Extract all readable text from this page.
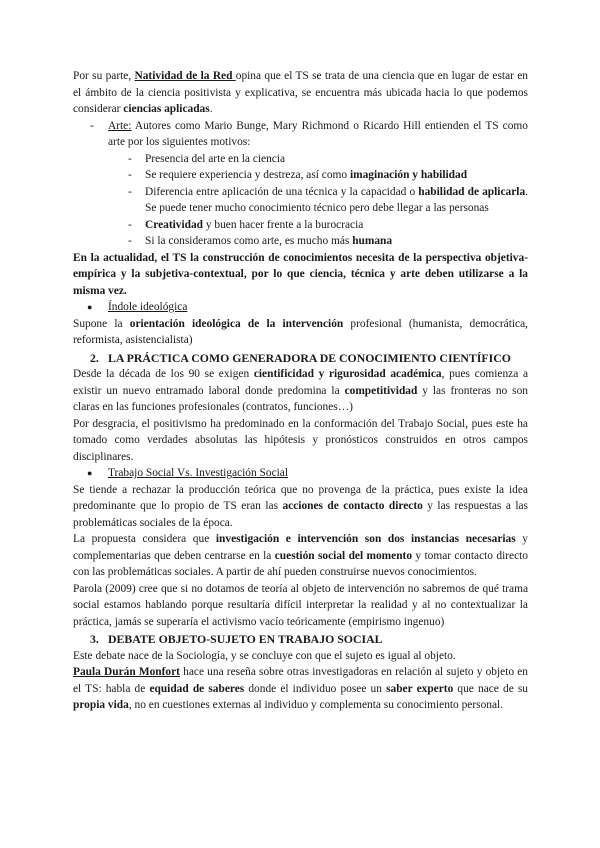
Por su parte, Natividad de la Red opina que el TS se trata de una ciencia que en lugar de estar en el ámbito de la ciencia positivista y explicativa, se encuentra más ubicada hacia lo que podemos considerar ciencias aplicadas.

- Arte: Autores como Mario Bunge, Mary Richmond o Ricardo Hill entienden el TS como arte por los siguientes motivos:
- Presencia del arte en la ciencia
- Se requiere experiencia y destreza, así como imaginación y habilidad
- Diferencia entre aplicación de una técnica y la capacidad o habilidad de aplicarla. Se puede tener mucho conocimiento técnico pero debe llegar a las personas
- Creatividad y buen hacer frente a la burocracia
- Si la consideramos como arte, es mucho más humana

En la actualidad, el TS la construcción de conocimientos necesita de la perspectiva objetiva- empírica y la subjetiva-contextual, por lo que ciencia, técnica y arte deben utilizarse a la misma vez.

● Índole ideológica

Supone la orientación ideológica de la intervención profesional (humanista, democrática, reformista, asistencialista)

2. LA PRÁCTICA COMO GENERADORA DE CONOCIMIENTO CIENTÍFICO

Desde la década de los 90 se exigen cientificidad y rigurosidad académica, pues comienza a existir un nuevo entramado laboral donde predomina la competitividad y las fronteras no son claras en las funciones profesionales (contratos, funciones…)

Por desgracia, el positivismo ha predominado en la conformación del Trabajo Social, pues este ha tomado como verdades absolutas las hipótesis y pronósticos construidos en otros campos disciplinares.

● Trabajo Social Vs. Investigación Social

Se tiende a rechazar la producción teórica que no provenga de la práctica, pues existe la idea predominante que lo propio de TS eran las acciones de contacto directo y las respuestas a las problemáticas sociales de la época.

La propuesta considera que investigación e intervención son dos instancias necesarias y complementarias que deben centrarse en la cuestión social del momento y tomar contacto directo con las problemáticas sociales. A partir de ahí pueden construirse nuevos conocimientos.

Parola (2009) cree que si no dotamos de teoría al objeto de intervención no sabremos de qué trama social estamos hablando porque resultaría difícil interpretar la realidad y al no contextualizar la práctica, jamás se superaría el activismo vacío teóricamente (empirismo ingenuo)

3. DEBATE OBJETO-SUJETO EN TRABAJO SOCIAL

Este debate nace de la Sociología, y se concluye con que el sujeto es igual al objeto.

Paula Durán Monfort hace una reseña sobre otras investigadoras en relación al sujeto y objeto en el TS: habla de equidad de saberes donde el individuo posee un saber experto que nace de su propia vida, no en cuestiones externas al individuo y complementa su conocimiento personal.
